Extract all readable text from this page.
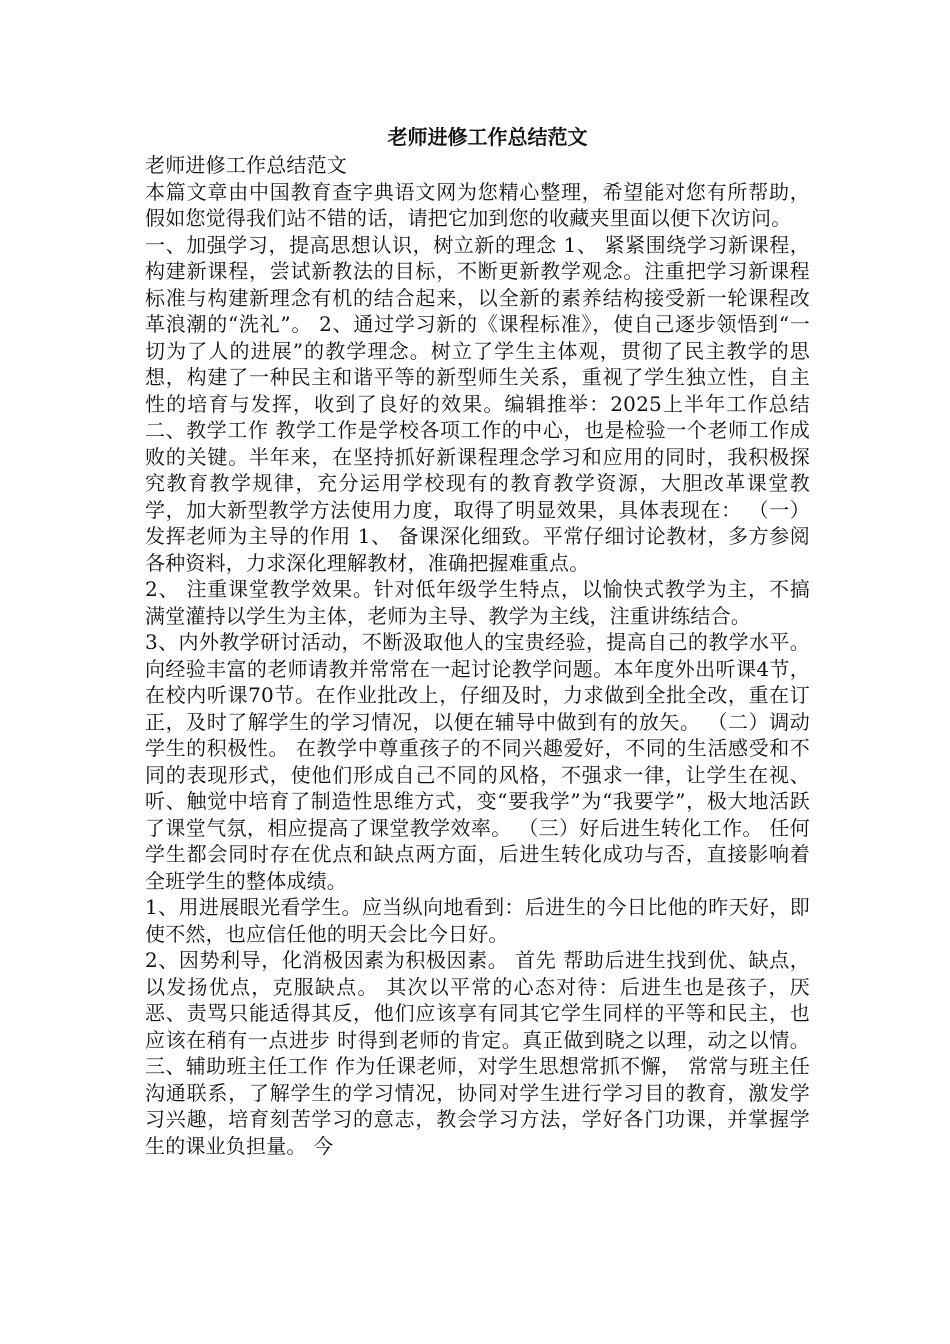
老师进修工作总结范文

老师进修工作总结范文

本篇文章由中国教育查字典语文网为您精心整理，希望能对您有所帮助，假如您觉得我们站不错的话，请把它加到您的收藏夹里面以便下次访问。

一、加强学习，提高思想认识，树立新的理念 1、 紧紧围绕学习新课程，构建新课程，尝试新教法的目标，不断更新教学观念。注重把学习新课程标准与构建新理念有机的结合起来，以全新的素养结构接受新一轮课程改革浪潮的“洗礼”。 2、通过学习新的《课程标准》，使自己逐步领悟到“一切为了人的进展”的教学理念。树立了学生主体观，贯彻了民主教学的思想，构建了一种民主和谐平等的新型师生关系，重视了学生独立性，自主性的培育与发挥，收到了良好的效果。编辑推举：2025上半年工作总结 二、教学工作 教学工作是学校各项工作的中心，也是检验一个老师工作成败的关键。半年来，在坚持抓好新课程理念学习和应用的同时，我积极探究教育教学规律，充分运用学校现有的教育教学资源，大胆改革课堂教学，加大新型教学方法使用力度，取得了明显效果，具体表现在： （一）发挥老师为主导的作用 1、 备课深化细致。平常仔细讨论教材，多方参阅各种资料，力求深化理解教材，准确把握难重点。

2、 注重课堂教学效果。针对低年级学生特点，以愉快式教学为主，不搞满堂灌持以学生为主体，老师为主导、教学为主线，注重讲练结合。

3、内外教学研讨活动，不断汲取他人的宝贵经验，提高自己的教学水平。向经验丰富的老师请教并常常在一起讨论教学问题。本年度外出听课4节，在校内听课70节。在作业批改上，仔细及时，力求做到全批全改，重在订正，及时了解学生的学习情况，以便在辅导中做到有的放矢。 （二）调动学生的积极性。 在教学中尊重孩子的不同兴趣爱好，不同的生活感受和不同的表现形式，使他们形成自己不同的风格，不强求一律，让学生在视、听、触觉中培育了制造性思维方式，变“要我学”为“我要学”，极大地活跃了课堂气氛，相应提高了课堂教学效率。 （三）好后进生转化工作。 任何学生都会同时存在优点和缺点两方面，后进生转化成功与否，直接影响着全班学生的整体成绩。

1、用进展眼光看学生。应当纵向地看到：后进生的今日比他的昨天好，即使不然，也应信任他的明天会比今日好。

2、因势利导，化消极因素为积极因素。 首先 帮助后进生找到优、缺点，以发扬优点，克服缺点。 其次以平常的心态对待：后进生也是孩子，厌恶、责骂只能适得其反，他们应该享有同其它学生同样的平等和民主，也应该在稍有一点进步 时得到老师的肯定。真正做到晓之以理，动之以情。 三、辅助班主任工作 作为任课老师，对学生思想常抓不懈， 常常与班主任沟通联系，了解学生的学习情况，协同对学生进行学习目的教育，激发学习兴趣，培育刻苦学习的意志，教会学习方法，学好各门功课，并掌握学生的课业负担量。 今
